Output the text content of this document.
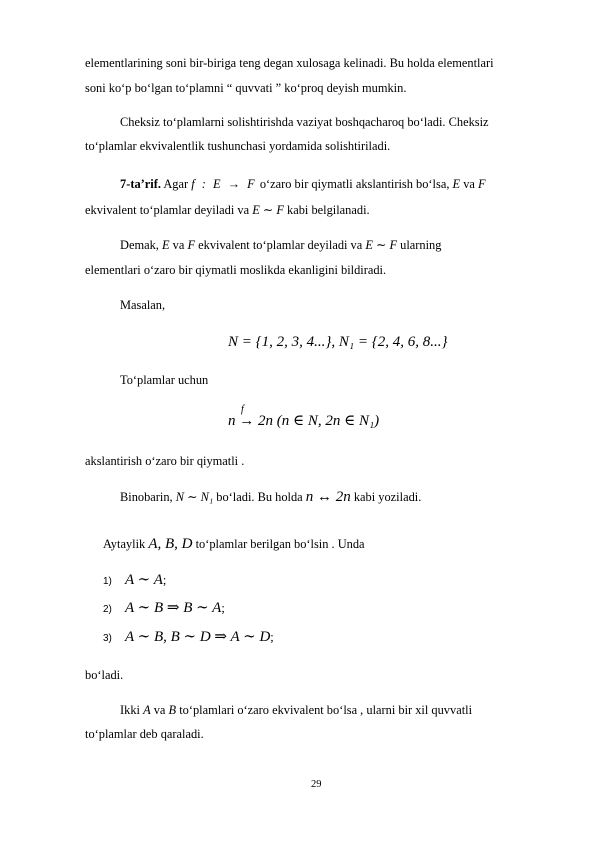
elementlarining soni bir-biriga teng degan xulosaga kelinadi. Bu holda elementlari
soni ko‘p bo‘lgan to‘plamni “ quvvati ” ko‘proq deyish mumkin.
Cheksiz to‘plamlarni solishtirishda vaziyat boshqacharoq bo‘ladi. Cheksiz
to‘plamlar ekvivalentlik tushunchasi yordamida solishtiriladi.
7-ta’rif. Agar f : E → F o‘zaro bir qiymatli akslantirish bo‘lsa, E va F
ekvivalent to‘plamlar deyiladi va E ∼ F kabi belgilanadi.
Demak, E va F ekvivalent to‘plamlar deyiladi va E ∼ F ularning
elementlari o‘zaro bir qiymatli moslikda ekanligini bildiradi.
Masalan,
N = {1, 2, 3, 4...}, N₁ = {2, 4, 6, 8...}
To‘plamlar uchun
f
n → 2n (n ∈ N, 2n ∈ N₁)
akslantirish o‘zaro bir qiymatli .
Binobarin, N ∼ N₁ bo‘ladi. Bu holda n ↔ 2n kabi yoziladi.
Aytaylik A, B, D to‘plamlar berilgan bo‘lsin . Unda
1) A ∼ A;
2) A ∼ B ⇒ B ∼ A;
3) A ∼ B, B ∼ D ⇒ A ∼ D;
bo‘ladi.
Ikki A va B to‘plamlari o‘zaro ekvivalent bo‘lsa , ularni bir xil quvvatli
to‘plamlar deb qaraladi.
29
